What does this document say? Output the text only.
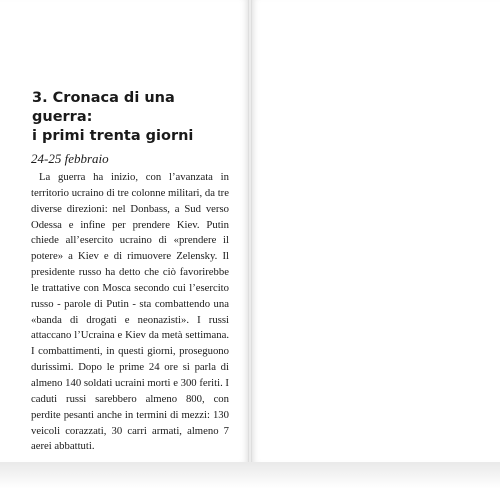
3. Cronaca di una guerra:
i primi trenta giorni
24-25 febbraio

La guerra ha inizio, con l’avanzata in territorio ucraino di tre colonne militari, da tre diverse direzioni: nel Donbass, a Sud verso Odessa e infine per prendere Kiev. Putin chiede all’esercito ucraino di «prendere il potere» a Kiev e di rimuovere Zelensky. Il presidente russo ha detto che ciò favorirebbe le trattative con Mosca secondo cui l’esercito russo - parole di Putin - sta combattendo una «banda di drogati e neonazisti». I russi attaccano l’Ucraina e Kiev da metà settimana. I combattimenti, in questi giorni, proseguono durissimi. Dopo le prime 24 ore si parla di almeno 140 soldati ucraini morti e 300 feriti. I caduti russi sarebbero almeno 800, con perdite pesanti anche in termini di mezzi: 130 veicoli corazzati, 30 carri armati, almeno 7 aerei abbattuti.
